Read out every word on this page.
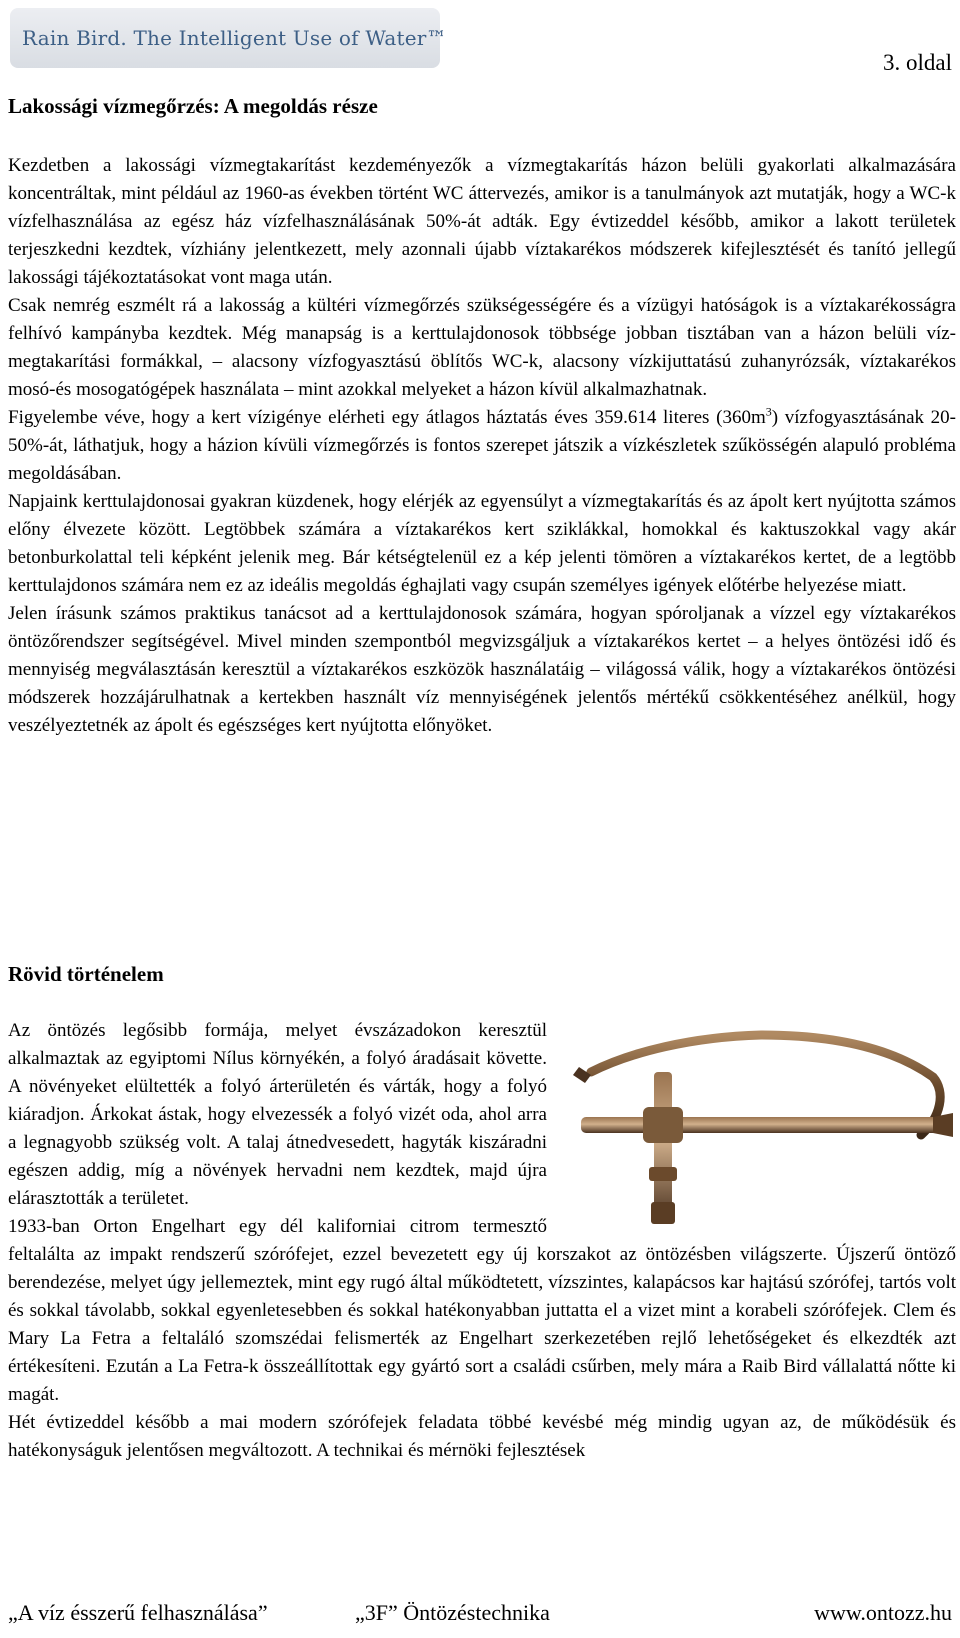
Rain Bird. The Intelligent Use of Water™
3. oldal
Lakossági vízmegőrzés: A megoldás része

Kezdetben a lakossági vízmegtakarítást kezdeményezők a vízmegtakarítás házon belüli gyakorlati alkalmazására koncentráltak, mint például az 1960-as években történt WC áttervezés, amikor is a tanulmányok azt mutatják, hogy a WC-k vízfelhasználása az egész ház vízfelhasználásának 50%-át adták. Egy évtizeddel később, amikor a lakott területek terjeszkedni kezdtek, vízhiány jelentkezett, mely azonnali újabb víztakarékos módszerek kifejlesztését és tanító jellegű lakossági tájékoztatásokat vont maga után.

Csak nemrég eszmélt rá a lakosság a kültéri vízmegőrzés szükségességére és a vízügyi hatóságok is a víztakarékosságra felhívó kampányba kezdtek. Még manapság is a kerttulajdonosok többsége jobban tisztában van a házon belüli víz-megtakarítási formákkal, – alacsony vízfogyasztású öblítős WC-k, alacsony vízkijuttatású zuhanyrózsák, víztakarékos mosó-és mosogatógépek használata – mint azokkal melyeket a házon kívül alkalmazhatnak.

Figyelembe véve, hogy a kert vízigénye elérheti egy átlagos háztatás éves 359.614 literes $(360m^3)$ vízfogyasztásának 20-50%-át, láthatjuk, hogy a házion kívüli vízmegőrzés is fontos szerepet játszik a vízkészletek szűkösségén alapuló probléma megoldásában.

Napjaink kerttulajdonosai gyakran küzdenek, hogy elérjék az egyensúlyt a vízmegtakarítás és az ápolt kert nyújtotta számos előny élvezete között. Legtöbbek számára a víztakarékos kert sziklákkal, homokkal és kaktuszokkal vagy akár betonburkolattal teli képként jelenik meg. Bár kétségtelenül ez a kép jelenti tömören a víztakarékos kertet, de a legtöbb kerttulajdonos számára nem ez az ideális megoldás éghajlati vagy csupán személyes igények előtérbe helyezése miatt.

Jelen írásunk számos praktikus tanácsot ad a kerttulajdonosok számára, hogyan spóroljanak a vízzel egy víztakarékos öntözőrendszer segítségével. Mivel minden szempontból megvizsgáljuk a víztakarékos kertet – a helyes öntözési idő és mennyiség megválasztásán keresztül a víztakarékos eszközök használatáig – világossá válik, hogy a víztakarékos öntözési módszerek hozzájárulhatnak a kertekben használt víz mennyiségének jelentős mértékű csökkentéséhez anélkül, hogy veszélyeztetnék az ápolt és egészséges kert nyújtotta előnyöket.

Rövid történelem

Az öntözés legősibb formája, melyet évszázadokon keresztül alkalmaztak az egyiptomi Nílus környékén, a folyó áradásait követte. A növényeket elültették a folyó árterületén és várták, hogy a folyó kiáradjon. Árkokat ástak, hogy elvezessék a folyó vizét oda, ahol arra a legnagyobb szükség volt. A talaj átnedvesedett, hagyták kiszáradni egészen addig, míg a növények hervadni nem kezdtek, majd újra elárasztották a területet.

1933-ban Orton Engelhart egy dél kaliforniai citrom termesztő feltalálta az impakt rendszerű szórófejet, ezzel bevezetett egy új korszakot az öntözésben világszerte. Újszerű öntöző berendezése, melyet úgy jellemeztek, mint egy rugó által működtetett, vízszintes, kalapácsos kar hajtású szórófej, tartós volt és sokkal távolabb, sokkal egyenletesebben és sokkal hatékonyabban juttatta el a vizet mint a korabeli szórófejek. Clem és Mary La Fetra a feltaláló szomszédai felismerték az Engelhart szerkezetében rejlő lehetőségeket és elkezdték azt értékesíteni. Ezután a La Fetra-k összeállítottak egy gyártó sort a családi csűrben, mely mára a Raib Bird vállalattá nőtte ki magát.

Hét évtizeddel később a mai modern szórófejek feladata többé kevésbé még mindig ugyan az, de működésük és hatékonyságuk jelentősen megváltozott. A technikai és mérnöki fejlesztések

„A víz ésszerű felhasználása”	„3F” Öntözéstechnika	www.ontozz.hu
